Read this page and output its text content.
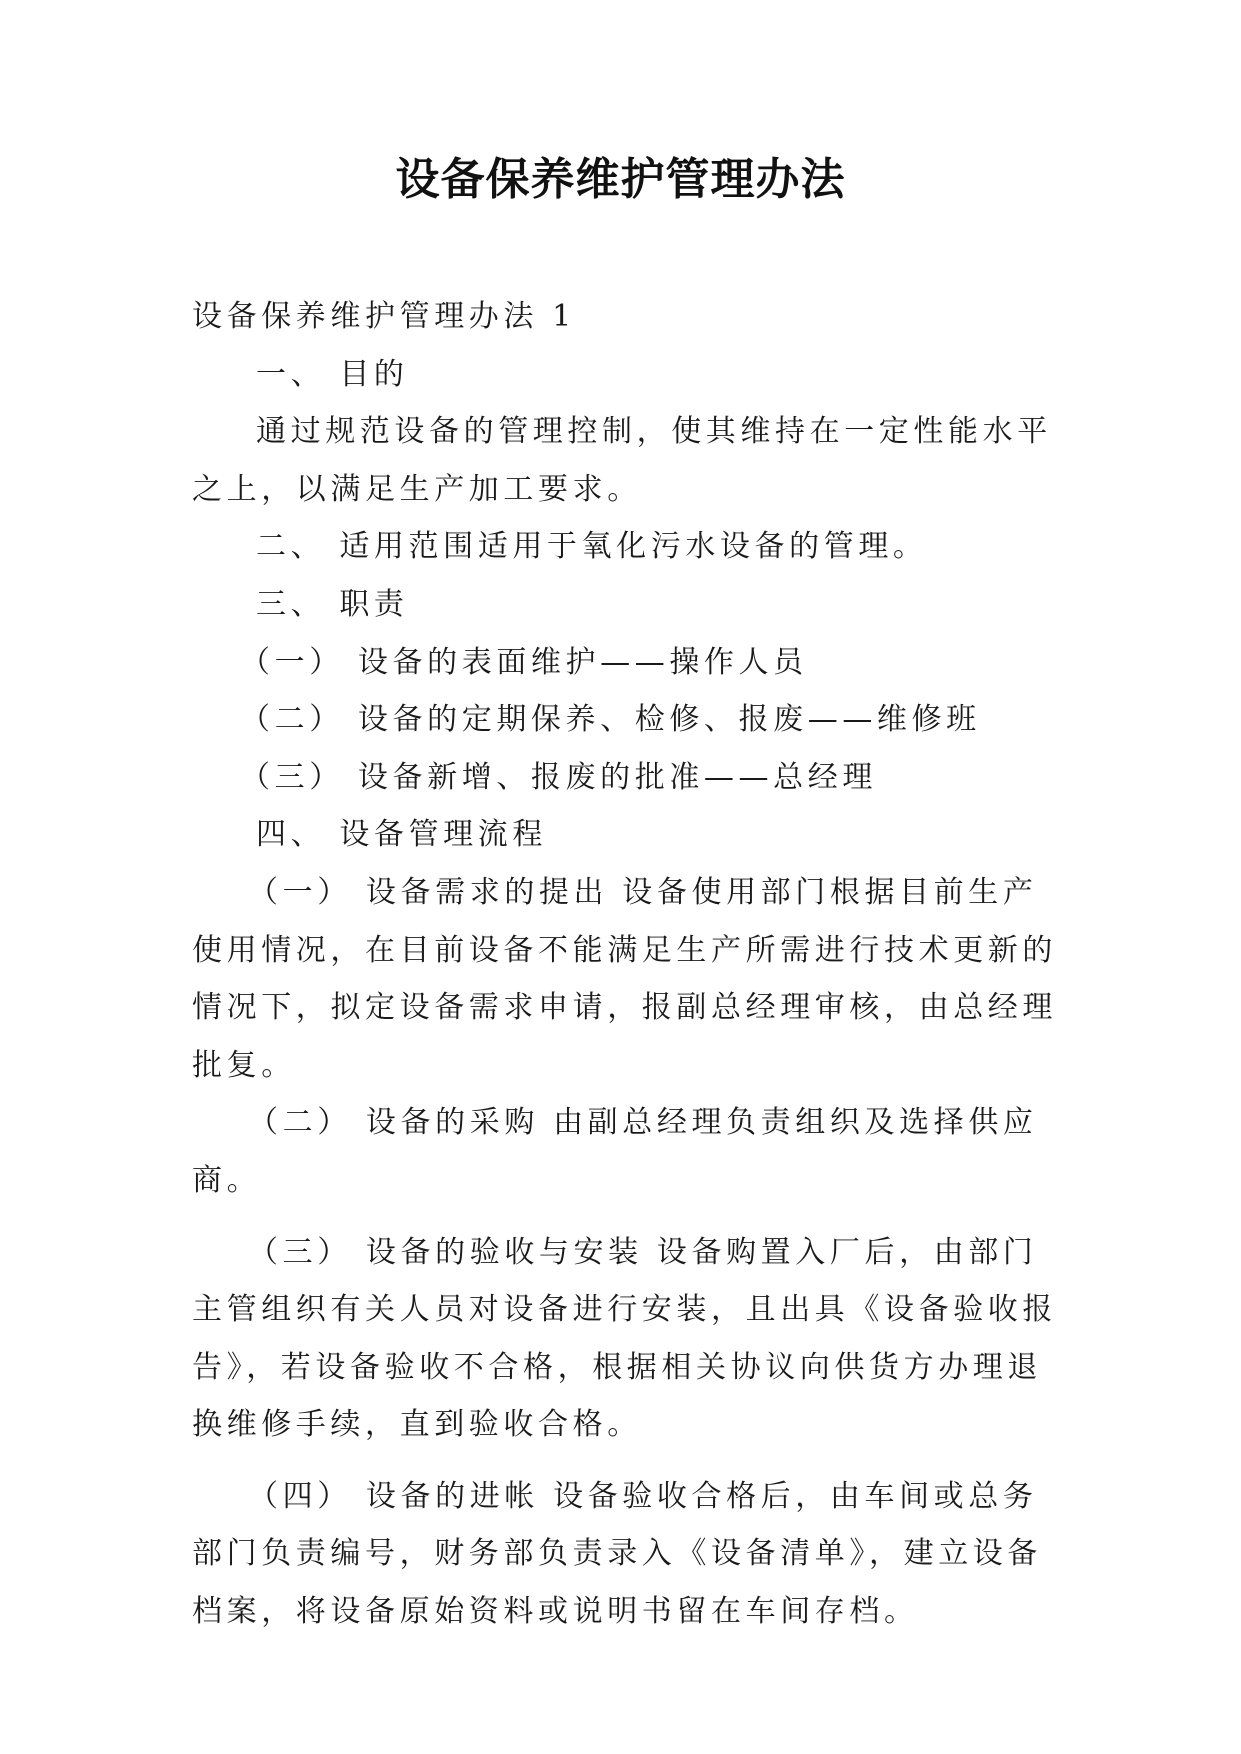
设备保养维护管理办法

设备保养维护管理办法 1

一、 目的

通过规范设备的管理控制，使其维持在一定性能水平之上，以满足生产加工要求。

二、 适用范围适用于氧化污水设备的管理。

三、 职责

（一） 设备的表面维护——操作人员

（二） 设备的定期保养、检修、报废——维修班

（三） 设备新增、报废的批准——总经理

四、 设备管理流程

（一） 设备需求的提出 设备使用部门根据目前生产使用情况，在目前设备不能满足生产所需进行技术更新的情况下，拟定设备需求申请，报副总经理审核，由总经理批复。

（二） 设备的采购 由副总经理负责组织及选择供应商。

（三） 设备的验收与安装 设备购置入厂后，由部门主管组织有关人员对设备进行安装，且出具《设备验收报告》，若设备验收不合格，根据相关协议向供货方办理退换维修手续，直到验收合格。

（四） 设备的进帐 设备验收合格后，由车间或总务部门负责编号，财务部负责录入《设备清单》，建立设备档案，将设备原始资料或说明书留在车间存档。
